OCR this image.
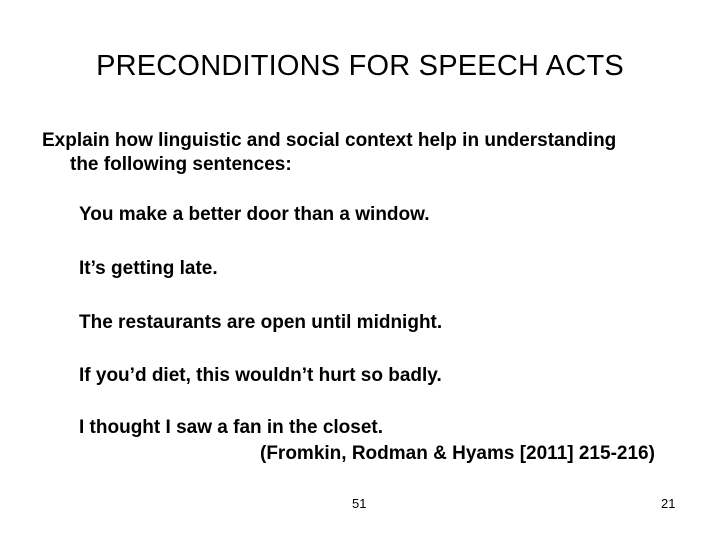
PRECONDITIONS FOR SPEECH ACTS
Explain how linguistic and social context help in understanding
the following sentences:
You make a better door than a window.
It’s getting late.
The restaurants are open until midnight.
If you’d diet, this wouldn’t hurt so badly.
I thought I saw a fan in the closet.
(Fromkin, Rodman & Hyams [2011] 215-216)
51	21
